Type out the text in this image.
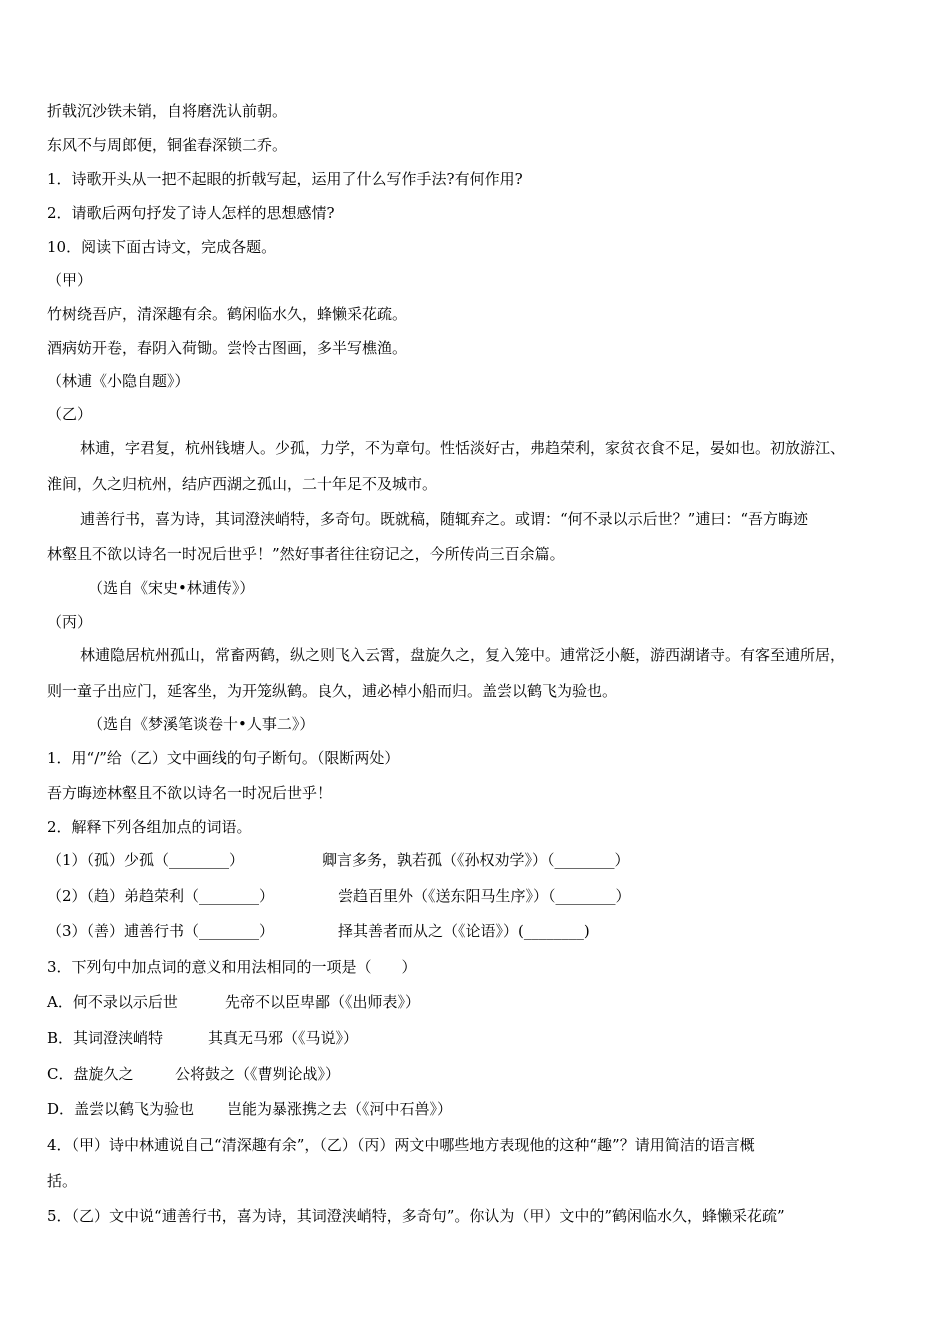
折戟沉沙铁未销，自将磨洗认前朝。
东风不与周郎便，铜雀春深锁二乔。
1．诗歌开头从一把不起眼的折戟写起，运用了什么写作手法?有何作用?
2．请歌后两句抒发了诗人怎样的思想感情?
10．阅读下面古诗文，完成各题。
（甲）
竹树绕吾庐，清深趣有余。鹤闲临水久，蜂懒采花疏。
酒病妨开卷，春阴入荷锄。尝怜古图画，多半写樵渔。
（林逋《小隐自题》）
（乙）
林逋，字君复，杭州钱塘人。少孤，力学，不为章句。性恬淡好古，弗趋荣利，家贫衣食不足，晏如也。初放游江、
淮间，久之归杭州，结庐西湖之孤山，二十年足不及城市。
逋善行书，喜为诗，其词澄浃峭特，多奇句。既就稿，随辄弃之。或谓：“何不录以示后世？”逋曰：“吾方晦迹
林壑且不欲以诗名一时况后世乎！”然好事者往往窃记之，今所传尚三百余篇。
（选自《宋史•林逋传》）
（丙）
林逋隐居杭州孤山，常畜两鹤，纵之则飞入云霄，盘旋久之，复入笼中。逋常泛小艇，游西湖诸寺。有客至逋所居，
则一童子出应门，延客坐，为开笼纵鹤。良久，逋必棹小船而归。盖尝以鹤飞为验也。
（选自《梦溪笔谈卷十•人事二》）
1．用“/”给（乙）文中画线的句子断句。（限断两处）
吾方晦迹林壑且不欲以诗名一时况后世乎！
2．解释下列各组加点的词语。
（1）（孤）少孤（________）	卿言多务，孰若孤（《孙权劝学》）（________）
（2）（趋）弟趋荣利（________）	尝趋百里外（《送东阳马生序》）（________）
（3）（善）逋善行书（________）	择其善者而从之（《论语》）(________)
3．下列句中加点词的意义和用法相同的一项是（　　）
A．何不录以示后世	先帝不以臣卑鄙（《出师表》）
B．其词澄浃峭特	其真无马邪（《马说》）
C．盘旋久之	公将鼓之（《曹刿论战》）
D．盖尝以鹤飞为验也 岂能为暴涨携之去（《河中石兽》）
4．（甲）诗中林逋说自己“清深趣有余”，（乙）（丙）两文中哪些地方表现他的这种“趣”？请用简洁的语言概
括。
5．（乙）文中说“逋善行书，喜为诗，其词澄浃峭特，多奇句”。你认为（甲）文中的”鹤闲临水久，蜂懒采花疏”
